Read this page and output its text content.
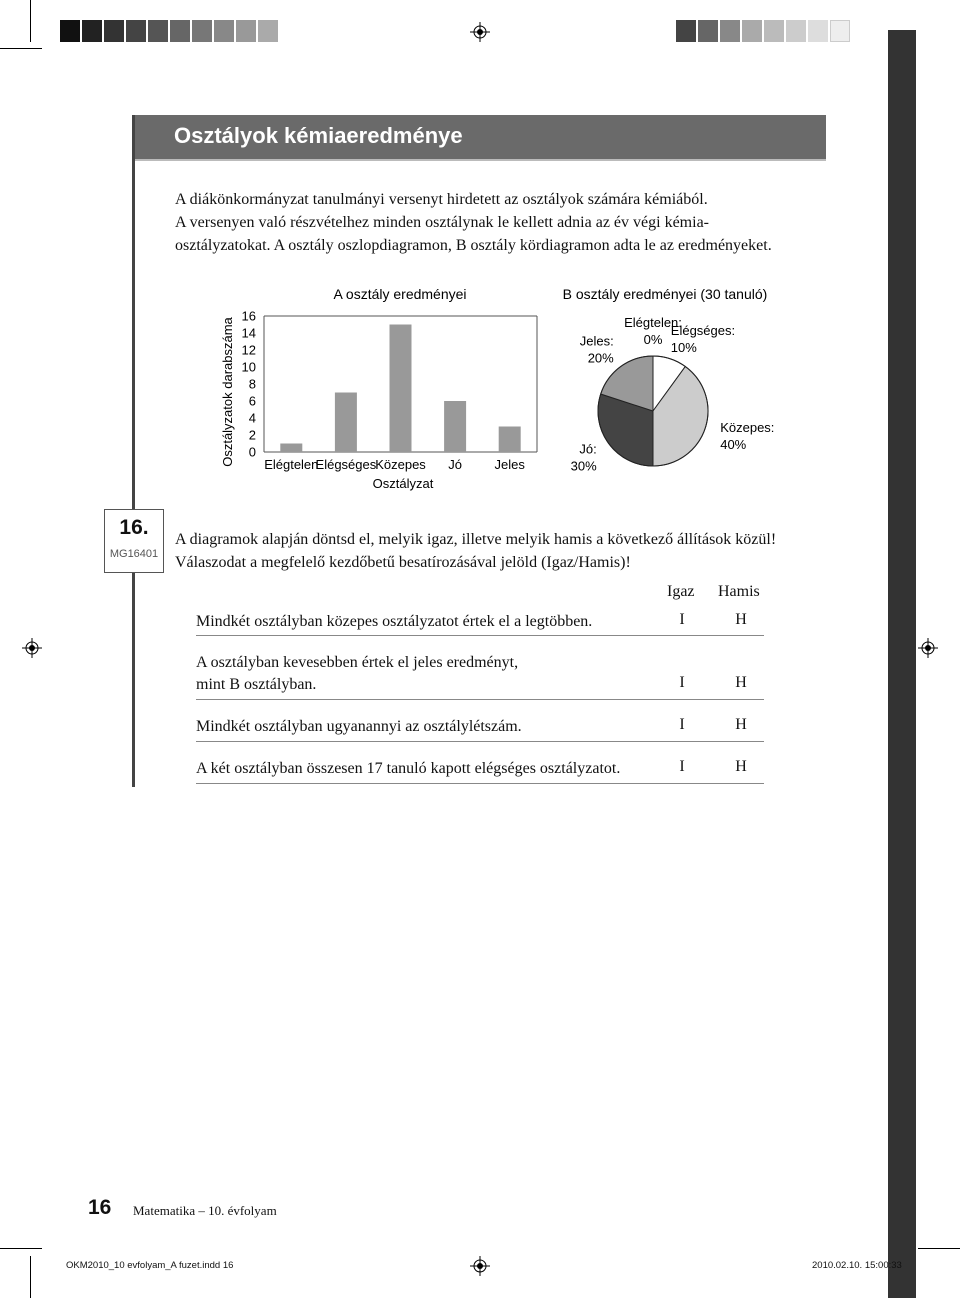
Osztályok kémiaeredménye
A diákönkormányzat tanulmányi versenyt hirdetett az osztályok számára kémiából.
A versenyen való részvételhez minden osztálynak le kellett adnia az év végi kémia-
osztályzatokat. A osztály oszlopdiagramon, B osztály kördiagramon adta le az eredményeket.
A osztály eredményei
Osztályzatok darabszáma 0
2
4
6
8
10
12
14
16
Elégtelen
Elégséges
Közepes Jó	Jeles
Osztályzat
B osztály eredményei (30 tanuló)
Elégtelen:
0%
Elégséges:
10%
Közepes:
40%
Jó:
30%
Jeles:
20%
16.
MG16401
A diagramok alapján döntsd el, melyik igaz, illetve melyik hamis a következő állítások közül!
Válaszodat a megfelelő kezdőbetű besatírozásával jelöld (Igaz/Hamis)!
Igaz Hamis
Mindkét osztályban közepes osztályzatot értek el a legtöbben.	I	H
A osztályban kevesebben értek el jeles eredményt,
mint B osztályban.	I	H
Mindkét osztályban ugyanannyi az osztálylétszám.	I	H
A két osztályban összesen 17 tanuló kapott elégséges osztályzatot.	I	H
16 Matematika – 10. évfolyam
OKM2010_10 evfolyam_A fuzet.indd 16	2010.02.10. 15:00:33
